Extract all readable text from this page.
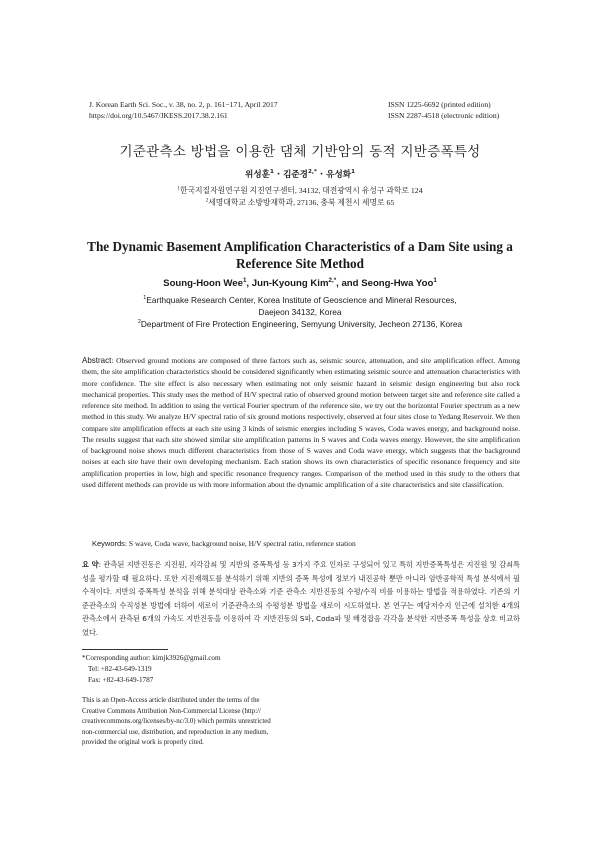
J. Korean Earth Sci. Soc., v. 38, no. 2, p. 161−171, April 2017
https://doi.org/10.5467/JKESS.2017.38.2.161
ISSN 1225-6692 (printed edition)
ISSN 2287-4518 (electronic edition)
기준관측소 방법을 이용한 댐체 기반암의 동적 지반증폭특성
위성훈$^1$ · 김준경$^{2,*}$ · 유성화$^1$
$^1$한국지질자원연구원 지진연구센터, 34132, 대전광역시 유성구 과학로 124
$^2$세명대학교 소방방재학과, 27136, 충북 제천시 세명로 65
The Dynamic Basement Amplification Characteristics of a Dam Site using a
Reference Site Method
Soung-Hoon Wee$^1$, Jun-Kyoung Kim$^{2,*}$, and Seong-Hwa Yoo$^1$
$^1$Earthquake Research Center, Korea Institute of Geoscience and Mineral Resources,
Daejeon 34132, Korea
$^2$Department of Fire Protection Engineering, Semyung University, Jecheon 27136, Korea
Abstract: Observed ground motions are composed of three factors such as, seismic source, attenuation, and site amplification effect. Among them, the site amplification characteristics should be considered significantly when estimating seismic source and attenuation characteristics with more confidence. The site effect is also necessary when estimating not only seismic hazard in seismic design engineering but also rock mechanical properties. This study uses the method of H/V spectral ratio of observed ground motion between target site and reference site called a reference site method. In addition to using the vertical Fourier spectrum of the reference site, we try out the horizontal Fourier spectrum as a new method in this study. We analyze H/V spectral ratio of six ground motions respectively, observed at four sites close to Yedang Reservoir. We then compare site amplification effects at each site using 3 kinds of seismic energies including S waves, Coda waves energy, and background noise. The results suggest that each site showed similar site amplification patterns in S waves and Coda waves energy. However, the site amplification of background noise shows much different characteristics from those of S waves and Coda wave energy, which suggests that the background noises at each site have their own developing mechanism. Each station shows its own characteristics of specific resonance frequency and site amplification properties in low, high and specific resonance frequency ranges. Comparison of the method used in this study to the others that used different methods can provide us with more information about the dynamic amplification of a site characteristics and site classification.
Keywords: S wave, Coda wave, background noise, H/V spectral ratio, reference station
요 약: 관측된 지반진동은 지진원, 지각감쇠 및 지반의 증폭특성 등 3가지 주요 인자로 구성되어 있고 특히 지반증폭특성은 지진원 및 감쇠특성을 평가할 때 필요하다. 또한 지진재해도를 분석하기 위해 지반의 증폭 특성에 정보가 내진공학 뿐만 아니라 암반공학적 특성 분석에서 필수적이다. 지반의 증폭특성 분석을 위해 분석대상 관측소와 기준 관측소 지반진동의 수평/수직 비를 이용하는 방법을 적용하였다. 기존의 기준관측소의 수직성분 방법에 더하여 새로이 기준관측소의 수평성분 방법을 새로이 시도하였다. 본 연구는 예당저수지 인근에 설치한 4개의 관측소에서 관측된 6개의 가속도 지반진동을 이용하여 각 지반진동의 S파, Coda파 및 배경잡음 각각을 분석한 지반증폭 특성을 상호 비교하였다.
*Corresponding author: kimjk3926@gmail.com
Tel: +82-43-649-1319
Fax: +82-43-649-1787
This is an Open-Access article distributed under the terms of the
Creative Commons Attribution Non-Commercial License (http://
creativecommons.org/licenses/by-nc/3.0) which permits unrestricted
non-commercial use, distribution, and reproduction in any medium,
provided the original work is properly cited.
